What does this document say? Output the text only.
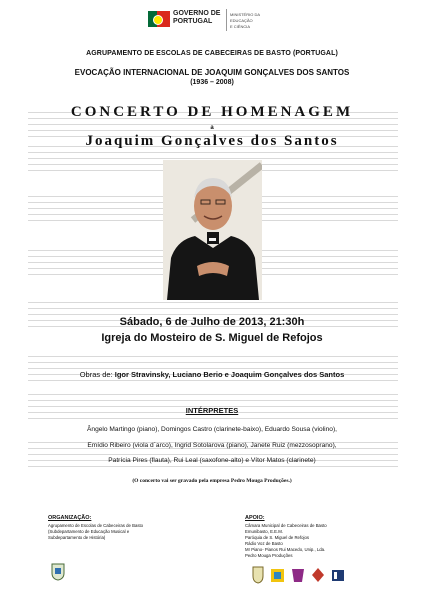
GOVERNO DE
PORTUGAL
MINISTÉRIO DA EDUCAÇÃO
E CIÊNCIA
AGRUPAMENTO DE ESCOLAS DE CABECEIRAS DE BASTO (PORTUGAL)
EVOCAÇÃO INTERNACIONAL DE JOAQUIM GONÇALVES DOS SANTOS
(1936 – 2008)
CONCERTO DE HOMENAGEM
a
Joaquim Gonçalves dos Santos
Sábado, 6 de Julho de 2013, 21:30h
Igreja do Mosteiro de S. Miguel de Refojos
Obras de: Igor Stravinsky, Luciano Berio e Joaquim Gonçalves dos Santos
INTÉRPRETES
Ângelo Martingo (piano), Domingos Castro (clarinete-baixo), Eduardo Sousa (violino),
Emídio Ribeiro (viola d`arco), Ingrid Sotolarova (piano), Janete Ruiz (mezzosoprano),
Patrícia Pires (flauta), Rui Leal (saxofone-alto) e Vítor Matos (clarinete)
(O concerto vai ser gravado pela empresa Pedro Mouga Produções.)
ORGANIZAÇÃO:
Agrupamento de Escolas de Cabeceiras de Basto
(Subdepartamento de Educação Musical e
Subdepartamento de História)
APOIO:
Câmara Municipal de Cabeceiras de Basto
Emunibasto, E.E.M.
Paróquia de S. Miguel de Refojos
Rádio Voz de Basto
Mr Piano- Pianos Rui Macedo, Unip., Lda.
Pedro Mouga Produções
